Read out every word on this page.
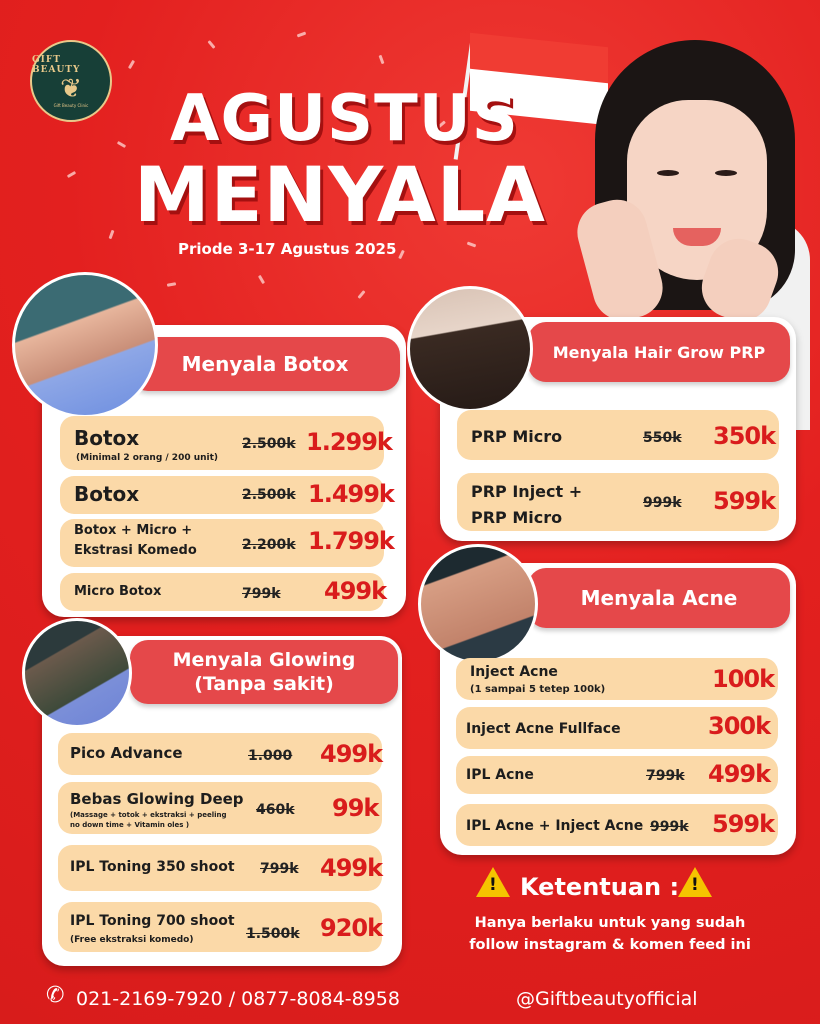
GIFT BEAUTY
❦
Gift Beauty Clinic AGUSTUS
MENYALA
Priode 3-17 Agustus 2025
Menyala Botox
Botox
(Minimal 2 orang / 200 unit)
2.500k 1.299k
Botox	2.500k 1.499k
Botox + Micro +
Ekstrasi Komedo	2.200k 1.799k
Micro Botox	799k 499k
Menyala Glowing
(Tanpa sakit)
Pico Advance	1.000 499k
Bebas Glowing Deep
(Massage + totok + ekstraksi + peeling
no down time + Vitamin oles )
460k 99k
IPL Toning 350 shoot 799k 499k
IPL Toning 700 shoot
(Free ekstraksi komedo)	1.500k 920k
Menyala Hair Grow PRP
PRP Micro	550k 350k
PRP Inject +
PRP Micro
999k 599k
Menyala Acne
Inject Acne
(1 sampai 5 tetep 100k)	100k
Inject Acne Fullface	300k
IPL Acne	799k 499k
IPL Acne + Inject Acne 999k 599k
! Ketentuan : !
Hanya berlaku untuk yang sudah
follow instagram & komen feed ini
✆ 021-2169-7920 / 0877-8084-8958	@Giftbeautyofficial
